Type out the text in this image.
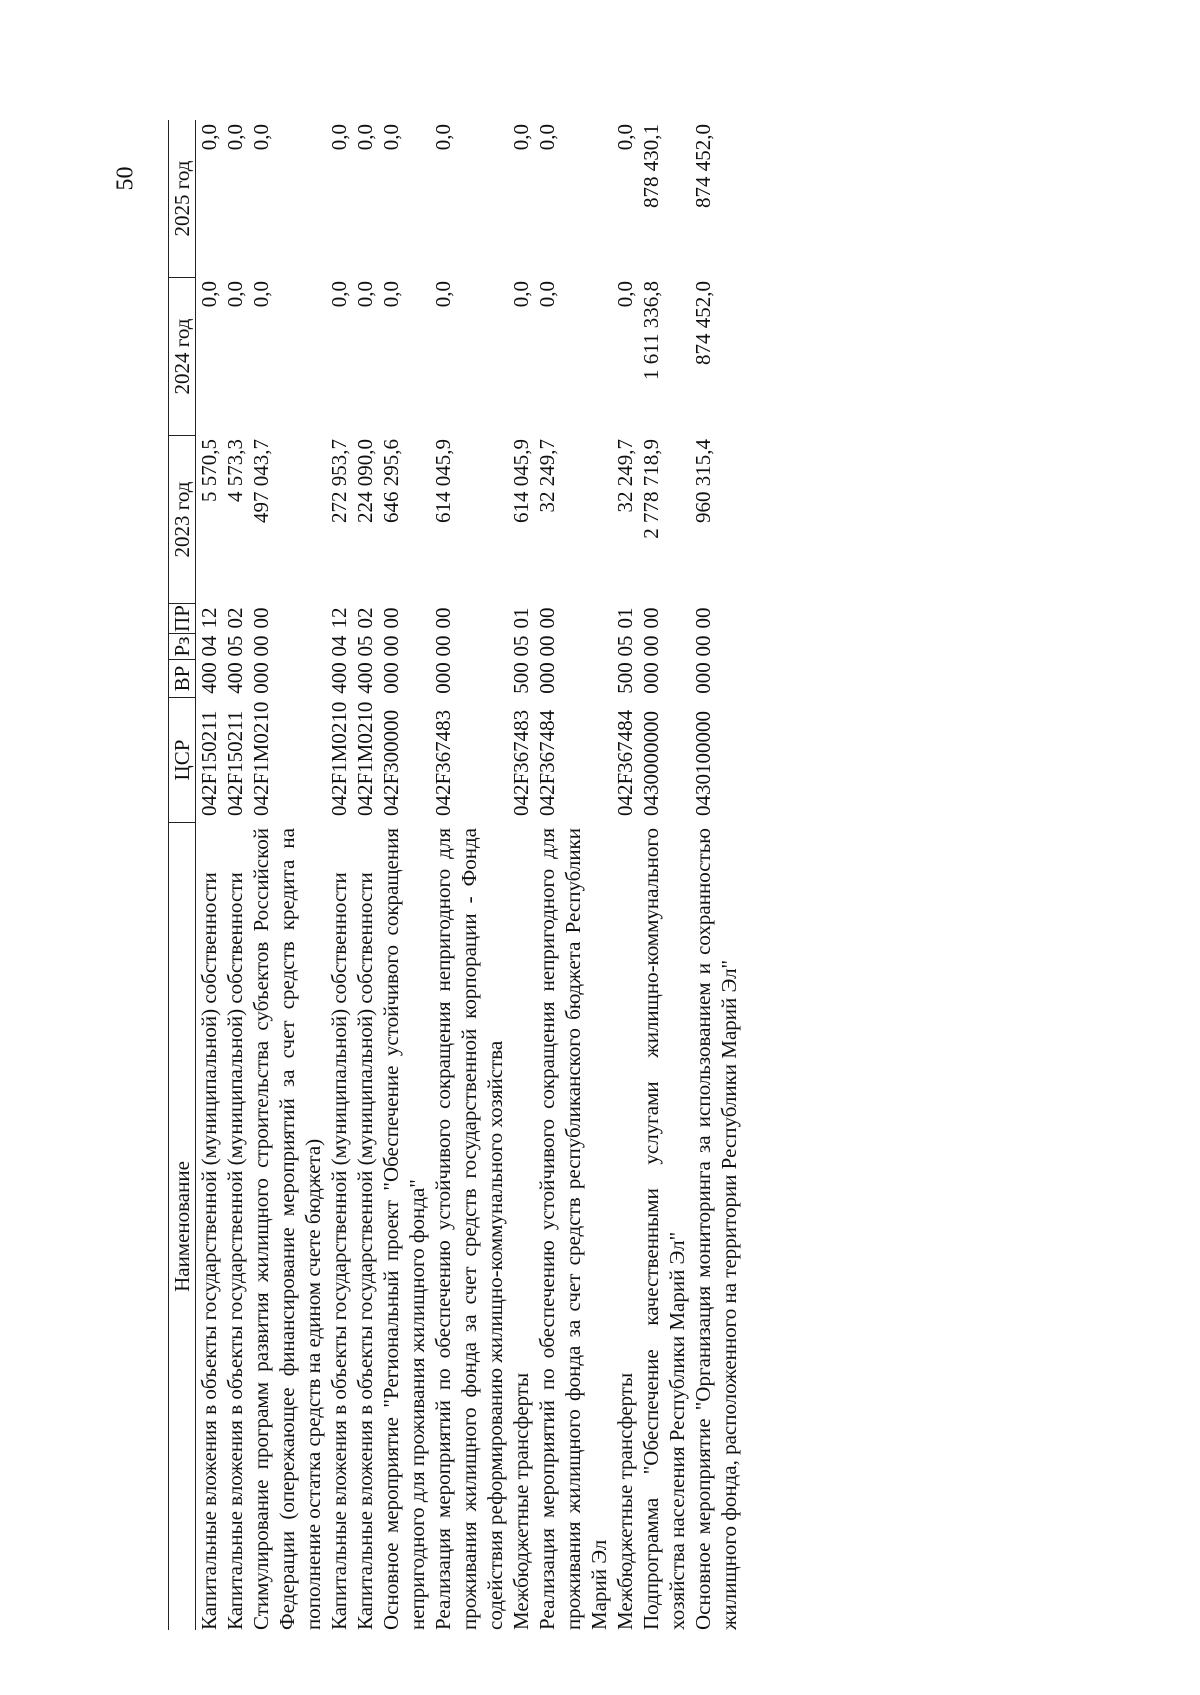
50
Наименование
ЦСР
ВР
Рз
ПР
2023 год
2024 год
2025 год
Капитальные вложения в объекты государственной (муниципальной) собственности
042F150211
400
04
12
5 570,5
0,0
0,0
Капитальные вложения в объекты государственной (муниципальной) собственности
042F150211
400
05
02
4 573,3
0,0
0,0
Стимулирование программ развития жилищного строительства субъектов Российской Федерации (опережающее финансирование мероприятий за счет средств кредита на пополнение остатка средств на едином счете бюджета)
042F1M0210
000
00
00
497 043,7
0,0
0,0
Капитальные вложения в объекты государственной (муниципальной) собственности
042F1M0210
400
04
12
272 953,7
0,0
0,0
Капитальные вложения в объекты государственной (муниципальной) собственности
042F1M0210
400
05
02
224 090,0
0,0
0,0
Основное мероприятие "Региональный проект "Обеспечение устойчивого сокращения непригодного для проживания жилищного фонда"
042F300000
000
00
00
646 295,6
0,0
0,0
Реализация мероприятий по обеспечению устойчивого сокращения непригодного для проживания жилищного фонда за счет средств государственной корпорации - Фонда содействия реформированию жилищно-коммунального хозяйства
042F367483
000
00
00
614 045,9
0,0
0,0
Межбюджетные трансферты
042F367483
500
05
01
614 045,9
0,0
0,0
Реализация мероприятий по обеспечению устойчивого сокращения непригодного для проживания жилищного фонда за счет средств республиканского бюджета Республики Марий Эл
042F367484
000
00
00
32 249,7
0,0
0,0
Межбюджетные трансферты
042F367484
500
05
01
32 249,7
0,0
0,0
Подпрограмма "Обеспечение качественными услугами жилищно-коммунального хозяйства населения Республики Марий Эл"
0430000000
000
00
00
2 778 718,9
1 611 336,8
878 430,1
Основное мероприятие "Организация мониторинга за использованием и сохранностью жилищного фонда, расположенного на территории Республики Марий Эл"
0430100000
000
00
00
960 315,4
874 452,0
874 452,0
